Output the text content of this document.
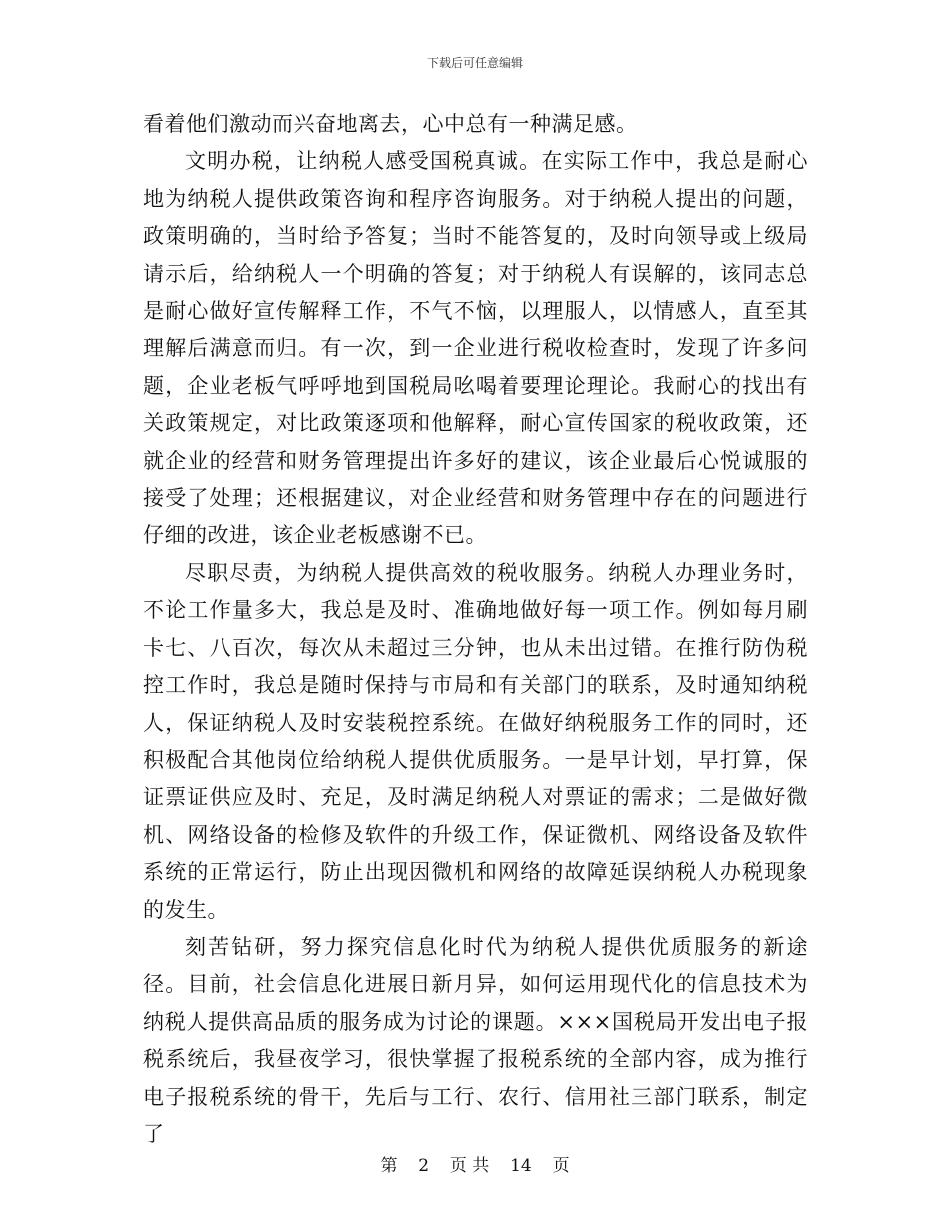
下载后可任意编辑

看着他们激动而兴奋地离去，心中总有一种满足感。

文明办税，让纳税人感受国税真诚。在实际工作中，我总是耐心地为纳税人提供政策咨询和程序咨询服务。对于纳税人提出的问题，政策明确的，当时给予答复；当时不能答复的，及时向领导或上级局请示后，给纳税人一个明确的答复；对于纳税人有误解的，该同志总是耐心做好宣传解释工作，不气不恼，以理服人，以情感人，直至其理解后满意而归。有一次，到一企业进行税收检查时，发现了许多问题，企业老板气呼呼地到国税局吆喝着要理论理论。我耐心的找出有关政策规定，对比政策逐项和他解释，耐心宣传国家的税收政策，还就企业的经营和财务管理提出许多好的建议，该企业最后心悦诚服的接受了处理；还根据建议，对企业经营和财务管理中存在的问题进行仔细的改进，该企业老板感谢不已。

尽职尽责，为纳税人提供高效的税收服务。纳税人办理业务时，不论工作量多大，我总是及时、准确地做好每一项工作。例如每月刷卡七、八百次，每次从未超过三分钟，也从未出过错。在推行防伪税控工作时，我总是随时保持与市局和有关部门的联系，及时通知纳税人，保证纳税人及时安装税控系统。在做好纳税服务工作的同时，还积极配合其他岗位给纳税人提供优质服务。一是早计划，早打算，保证票证供应及时、充足，及时满足纳税人对票证的需求；二是做好微机、网络设备的检修及软件的升级工作，保证微机、网络设备及软件系统的正常运行，防止出现因微机和网络的故障延误纳税人办税现象的发生。

刻苦钻研，努力探究信息化时代为纳税人提供优质服务的新途径。目前，社会信息化进展日新月异，如何运用现代化的信息技术为纳税人提供高品质的服务成为讨论的课题。×××国税局开发出电子报税系统后，我昼夜学习，很快掌握了报税系统的全部内容，成为推行电子报税系统的骨干，先后与工行、农行、信用社三部门联系，制定了

第 2 页 共 14 页
